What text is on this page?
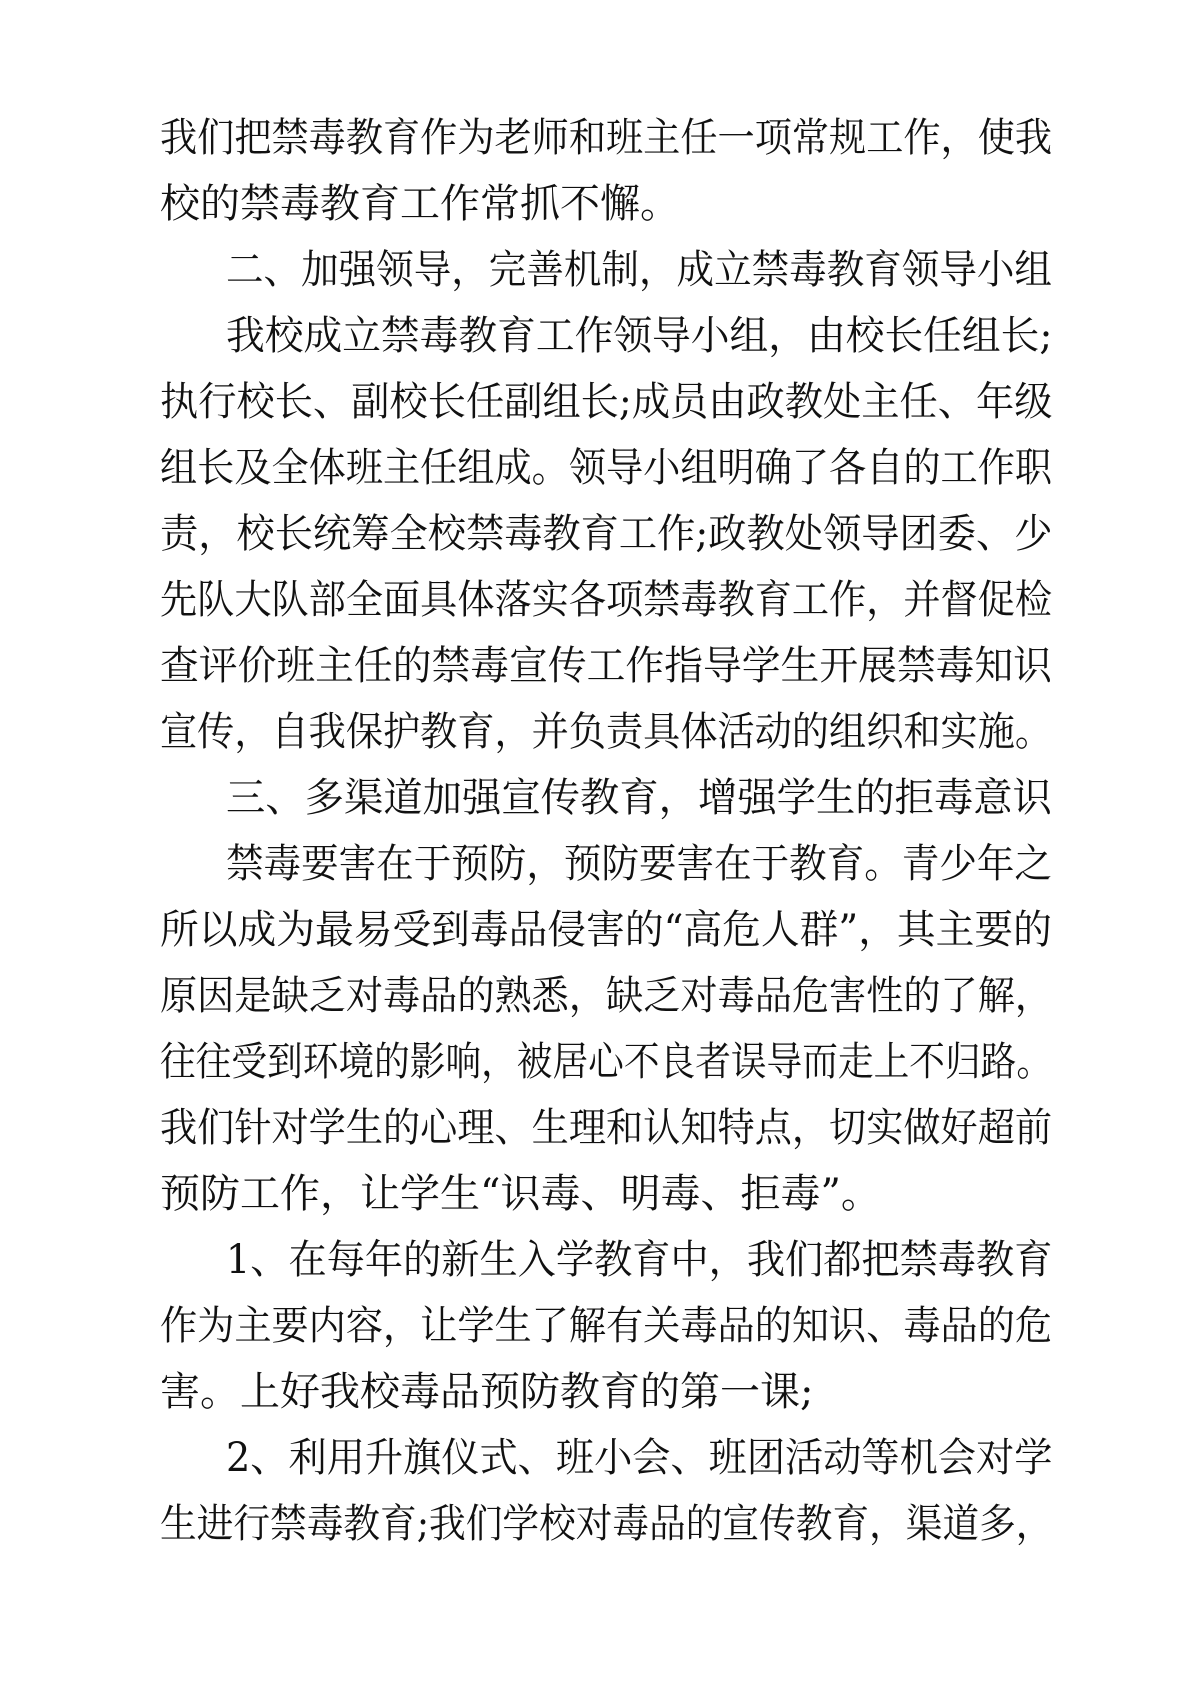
我们把禁毒教育作为老师和班主任一项常规工作，使我
校的禁毒教育工作常抓不懈。
二、加强领导，完善机制，成立禁毒教育领导小组
我校成立禁毒教育工作领导小组，由校长任组长;
执行校长、副校长任副组长;成员由政教处主任、年级
组长及全体班主任组成。领导小组明确了各自的工作职
责，校长统筹全校禁毒教育工作;政教处领导团委、少
先队大队部全面具体落实各项禁毒教育工作，并督促检
查评价班主任的禁毒宣传工作指导学生开展禁毒知识
宣传，自我保护教育，并负责具体活动的组织和实施。
三、多渠道加强宣传教育，增强学生的拒毒意识
禁毒要害在于预防，预防要害在于教育。青少年之
所以成为最易受到毒品侵害的“高危人群”，其主要的
原因是缺乏对毒品的熟悉，缺乏对毒品危害性的了解，
往往受到环境的影响，被居心不良者误导而走上不归路。
我们针对学生的心理、生理和认知特点，切实做好超前
预防工作，让学生“识毒、明毒、拒毒”。
1、在每年的新生入学教育中，我们都把禁毒教育
作为主要内容，让学生了解有关毒品的知识、毒品的危
害。上好我校毒品预防教育的第一课;
2、利用升旗仪式、班小会、班团活动等机会对学
生进行禁毒教育;我们学校对毒品的宣传教育，渠道多，
